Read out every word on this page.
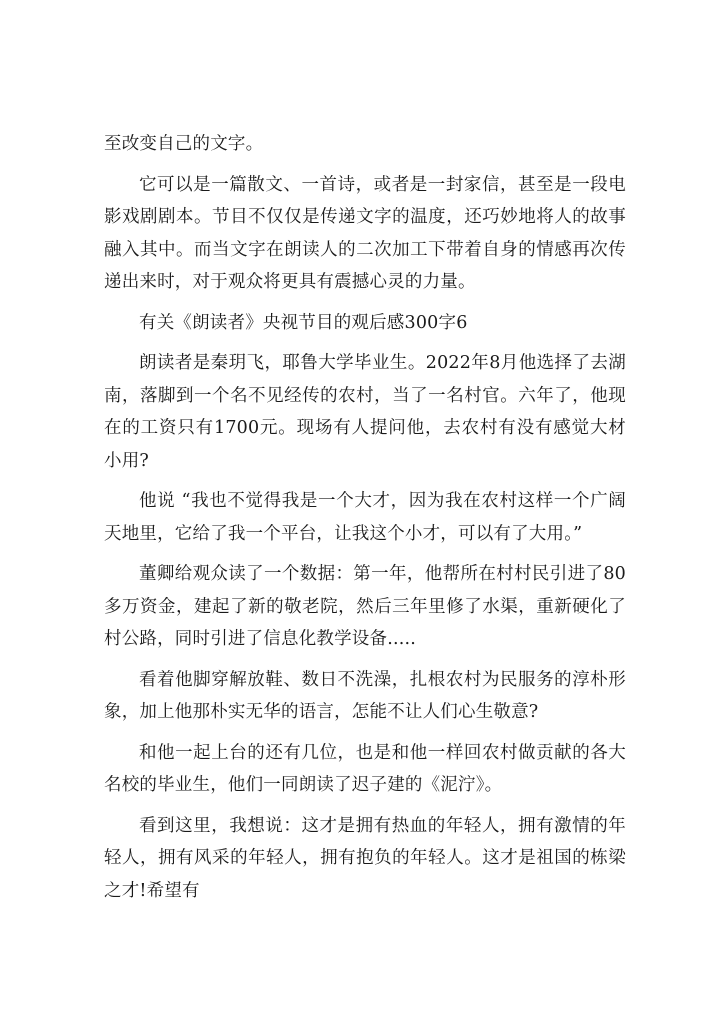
至改变自己的文字。

它可以是一篇散文、一首诗，或者是一封家信，甚至是一段电影戏剧剧本。节目不仅仅是传递文字的温度，还巧妙地将人的故事融入其中。而当文字在朗读人的二次加工下带着自身的情感再次传递出来时，对于观众将更具有震撼心灵的力量。

有关《朗读者》央视节目的观后感300字6

朗读者是秦玥飞，耶鲁大学毕业生。2022年8月他选择了去湖南，落脚到一个名不见经传的农村，当了一名村官。六年了，他现在的工资只有1700元。现场有人提问他，去农村有没有感觉大材小用?

他说 “我也不觉得我是一个大才，因为我在农村这样一个广阔天地里，它给了我一个平台，让我这个小才，可以有了大用。”

董卿给观众读了一个数据：第一年，他帮所在村村民引进了80多万资金，建起了新的敬老院，然后三年里修了水渠，重新硬化了村公路，同时引进了信息化教学设备.....

看着他脚穿解放鞋、数日不洗澡，扎根农村为民服务的淳朴形象，加上他那朴实无华的语言，怎能不让人们心生敬意?

和他一起上台的还有几位，也是和他一样回农村做贡献的各大名校的毕业生，他们一同朗读了迟子建的《泥泞》。

看到这里，我想说：这才是拥有热血的年轻人，拥有激情的年轻人，拥有风采的年轻人，拥有抱负的年轻人。这才是祖国的栋梁之才!希望有
